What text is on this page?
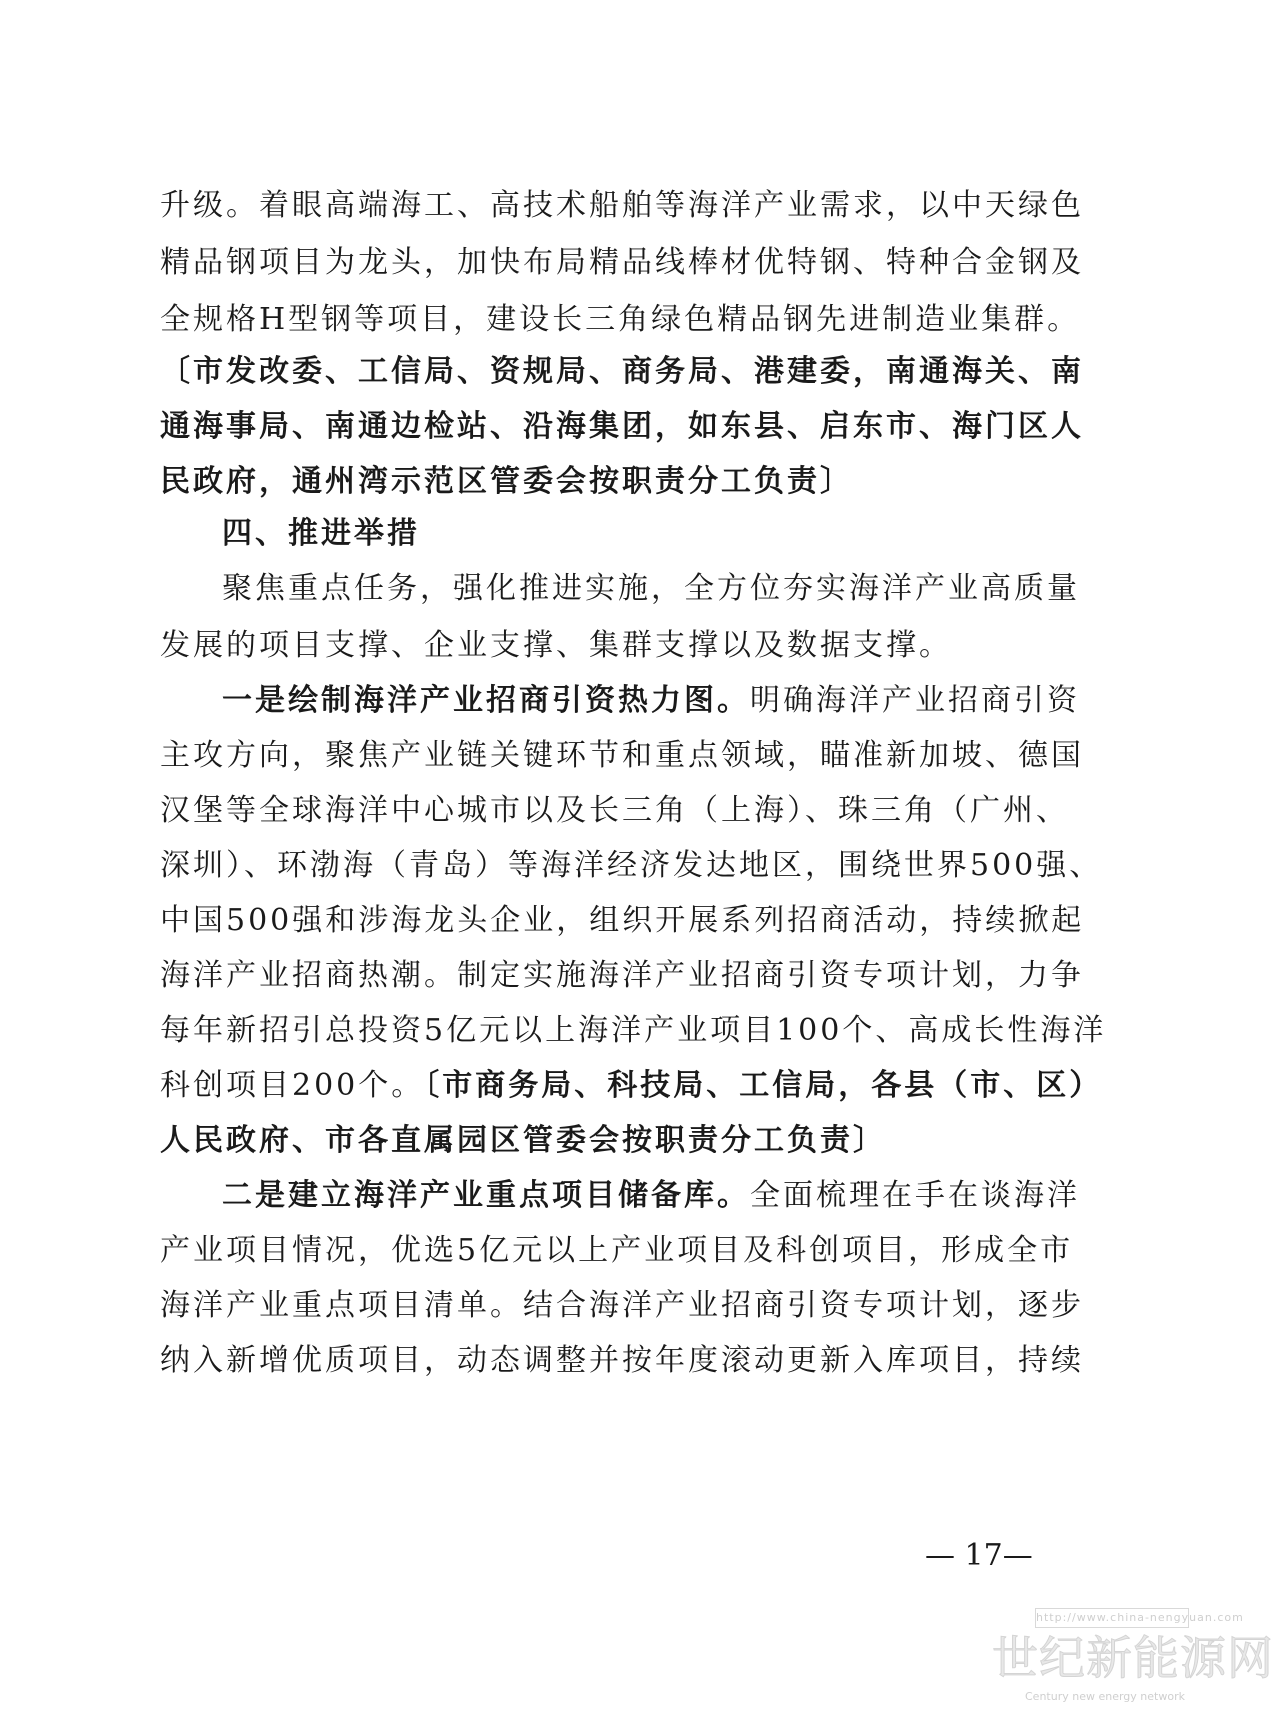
升级。着眼高端海工、高技术船舶等海洋产业需求，以中天绿色
精品钢项目为龙头，加快布局精品线棒材优特钢、特种合金钢及
全规格H型钢等项目，建设长三角绿色精品钢先进制造业集群。
〔市发改委、工信局、资规局、商务局、港建委，南通海关、南
通海事局、南通边检站、沿海集团，如东县、启东市、海门区人
民政府，通州湾示范区管委会按职责分工负责〕
四、推进举措
聚焦重点任务，强化推进实施，全方位夯实海洋产业高质量
发展的项目支撑、企业支撑、集群支撑以及数据支撑。
一是绘制海洋产业招商引资热力图。明确海洋产业招商引资
主攻方向，聚焦产业链关键环节和重点领域，瞄准新加坡、德国
汉堡等全球海洋中心城市以及长三角（上海）、珠三角（广州、
深圳）、环渤海（青岛）等海洋经济发达地区，围绕世界500强、
中国500强和涉海龙头企业，组织开展系列招商活动，持续掀起
海洋产业招商热潮。制定实施海洋产业招商引资专项计划，力争
每年新招引总投资5亿元以上海洋产业项目100个、高成长性海洋
科创项目200个。〔市商务局、科技局、工信局，各县（市、区）
人民政府、市各直属园区管委会按职责分工负责〕
二是建立海洋产业重点项目储备库。全面梳理在手在谈海洋
产业项目情况，优选5亿元以上产业项目及科创项目，形成全市
海洋产业重点项目清单。结合海洋产业招商引资专项计划，逐步
纳入新增优质项目，动态调整并按年度滚动更新入库项目，持续
— 17—
http://www.china-nengyuan.com
世纪新能源网
Century new energy network
